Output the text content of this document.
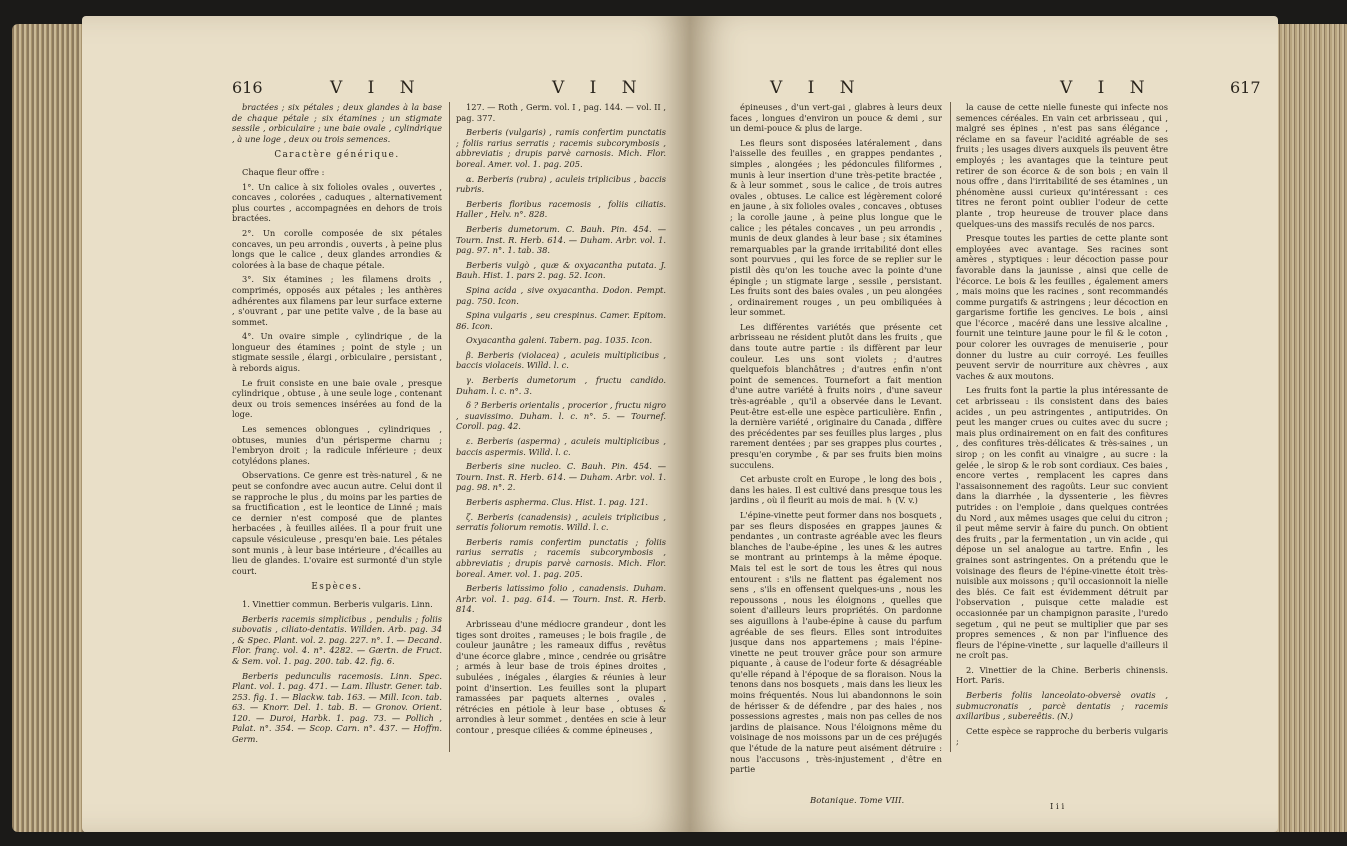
616	V I N	V I N

bractées ; six pétales ; deux glandes à la base de chaque pétale ; six étamines ; un stigmate sessile , orbiculaire ; une baie ovale , cylindrique , à une loge , deux ou trois semences.

Caractère générique.

Chaque fleur offre :

1°. Un calice à six folioles ovales , ouvertes , concaves , colorées , caduques , alternativement plus courtes , accompagnées en dehors de trois bractées.

2°. Un corolle composée de six pétales concaves, un peu arrondis , ouverts , à peine plus longs que le calice , deux glandes arrondies & colorées à la base de chaque pétale.

3°. Six étamines ; les filamens droits , comprimés, opposés aux pétales ; les anthères adhérentes aux filamens par leur surface externe , s'ouvrant , par une petite valve , de la base au sommet.

4°. Un ovaire simple , cylindrique , de la longueur des étamines ; point de style ; un stigmate sessile , élargi , orbiculaire , persistant , à rebords aigus.

Le fruit consiste en une baie ovale , presque cylindrique , obtuse , à une seule loge , contenant deux ou trois semences insérées au fond de la loge.

Les semences oblongues , cylindriques , obtuses, munies d'un périsperme charnu ; l'embryon droit ; la radicule inférieure ; deux cotylédons planes.

Observations. Ce genre est très-naturel , & ne peut se confondre avec aucun autre. Celui dont il se rapproche le plus , du moins par les parties de sa fructification , est le leontice de Linné ; mais ce dernier n'est composé que de plantes herbacées , à feuilles ailées. Il a pour fruit une capsule vésiculeuse , presqu'en baie. Les pétales sont munis , à leur base intérieure , d'écailles au lieu de glandes. L'ovaire est surmonté d'un style court.

Espèces.

1. Vinettier commun. Berberis vulgaris. Linn.

Berberis racemis simplicibus , pendulis ; foliis subovatis , ciliato-dentatis. Willden. Arb. pag. 34 , & Spec. Plant. vol. 2. pag. 227. n°. 1. — Decand. Flor. franç. vol. 4. n°. 4282. — Gærtn. de Fruct. & Sem. vol. 1. pag. 200. tab. 42. fig. 6.

Berberis pedunculis racemosis. Linn. Spec. Plant. vol. 1. pag. 471. — Lam. Illustr. Gener. tab. 253. fig. 1. — Blackw. tab. 163. — Mill. Icon. tab. 63. — Knorr. Del. 1. tab. B. — Gronov. Orient. 120. — Duroi, Harbk. 1. pag. 73. — Pollich , Palat. n°. 354. — Scop. Carn. n°. 437. — Hoffm. Germ.

127. — Roth , Germ. vol. I , pag. 144. — vol. II , pag. 377.

Berberis (vulgaris) , ramis confertim punctatis ; foliis rarius serratis ; racemis subcorymbosis , abbreviatis ; drupis parvè carnosis. Mich. Flor. boreal. Amer. vol. 1. pag. 205.

α. Berberis (rubra) , aculeis triplicibus , baccis rubris.

Berberis floribus racemosis , foliis ciliatis. Haller , Helv. n°. 828.

Berberis dumetorum. C. Bauh. Pin. 454. — Tourn. Inst. R. Herb. 614. — Duham. Arbr. vol. 1. pag. 97. n°. 1. tab. 38.

Berberis vulgò , quæ & oxyacantha putata. J. Bauh. Hist. 1. pars 2. pag. 52. Icon.

Spina acida , sive oxyacantha. Dodon. Pempt. pag. 750. Icon.

Spina vulgaris , seu crespinus. Camer. Epitom. 86. Icon.

Oxyacantha galeni. Tabern. pag. 1035. Icon.

β. Berberis (violacea) , aculeis multiplicibus , baccis violaceis. Willd. l. c.

γ. Berberis dumetorum , fructu candido. Duham. l. c. n°. 3.

δ ? Berberis orientalis , procerior , fructu nigro , suavissimo. Duham. l. c. n°. 5. — Tournef. Coroll. pag. 42.

ε. Berberis (asperma) , aculeis multiplicibus , baccis aspermis. Willd. l. c.

Berberis sine nucleo. C. Bauh. Pin. 454. — Tourn. Inst. R. Herb. 614. — Duham. Arbr. vol. 1. pag. 98. n°. 2.

Berberis aspherma. Clus. Hist. 1. pag. 121.

ζ. Berberis (canadensis) , aculeis triplicibus , serratis foliorum remotis. Willd. l. c.

Berberis ramis confertim punctatis ; foliis rarius serratis ; racemis subcorymbosis , abbreviatis ; drupis parvè carnosis. Mich. Flor. boreal. Amer. vol. 1. pag. 205.

Berberis latissimo folio , canadensis. Duham. Arbr. vol. 1. pag. 614. — Tourn. Inst. R. Herb. 814.

Arbrisseau d'une médiocre grandeur , dont les tiges sont droites , rameuses ; le bois fragile , de couleur jaunâtre ; les rameaux diffus , revêtus d'une écorce glabre , mince , cendrée ou grisâtre ; armés à leur base de trois épines droites , subulées , inégales , élargies & réunies à leur point d'insertion. Les feuilles sont la plupart ramassées par paquets alternes , ovales , rétrécies en pétiole à leur base , obtuses & arrondies à leur sommet , dentées en scie à leur contour , presque ciliées & comme épineuses ,

V I N	V I N	617

épineuses , d'un vert-gai , glabres à leurs deux faces , longues d'environ un pouce & demi , sur un demi-pouce & plus de large.

Les fleurs sont disposées latéralement , dans l'aisselle des feuilles , en grappes pendantes , simples , alongées ; les pédoncules filiformes , munis à leur insertion d'une très-petite bractée , & à leur sommet , sous le calice , de trois autres ovales , obtuses. Le calice est légèrement coloré en jaune , à six folioles ovales , concaves , obtuses ; la corolle jaune , à peine plus longue que le calice ; les pétales concaves , un peu arrondis , munis de deux glandes à leur base ; six étamines remarquables par la grande irritabilité dont elles sont pourvues , qui les force de se replier sur le pistil dès qu'on les touche avec la pointe d'une épingle ; un stigmate large , sessile , persistant. Les fruits sont des baies ovales , un peu alongées , ordinairement rouges , un peu ombiliquées à leur sommet.

Les différentes variétés que présente cet arbrisseau ne résident plutôt dans les fruits , que dans toute autre partie : ils diffèrent par leur couleur. Les uns sont violets ; d'autres quelquefois blanchâtres ; d'autres enfin n'ont point de semences. Tournefort a fait mention d'une autre variété à fruits noirs , d'une saveur très-agréable , qu'il a observée dans le Levant. Peut-être est-elle une espèce particulière. Enfin , la dernière variété , originaire du Canada , diffère des précédentes par ses feuilles plus larges , plus rarement dentées ; par ses grappes plus courtes , presqu'en corymbe , & par ses fruits bien moins succulens.

Cet arbuste croît en Europe , le long des bois , dans les haies. Il est cultivé dans presque tous les jardins , où il fleurit au mois de mai. ♄ (V. v.)

L'épine-vinette peut former dans nos bosquets , par ses fleurs disposées en grappes jaunes & pendantes , un contraste agréable avec les fleurs blanches de l'aube-épine , les unes & les autres se montrant au printemps à la même époque. Mais tel est le sort de tous les êtres qui nous entourent : s'ils ne flattent pas également nos sens , s'ils en offensent quelques-uns , nous les repoussons , nous les éloignons , quelles que soient d'ailleurs leurs propriétés. On pardonne ses aiguillons à l'aube-épine à cause du parfum agréable de ses fleurs. Elles sont introduites jusque dans nos appartemens ; mais l'épine-vinette ne peut trouver grâce pour son armure piquante , à cause de l'odeur forte & désagréable qu'elle répand à l'époque de sa floraison. Nous la tenons dans nos bosquets , mais dans les lieux les moins fréquentés. Nous lui abandonnons le soin de hérisser & de défendre , par des haies , nos possessions agrestes , mais non pas celles de nos jardins de plaisance. Nous l'éloignons même du voisinage de nos moissons par un de ces préjugés que l'étude de la nature peut aisément détruire : nous l'accusons , très-injustement , d'être en partie

la cause de cette nielle funeste qui infecte nos semences céréales. En vain cet arbrisseau , qui , malgré ses épines , n'est pas sans élégance , réclame en sa faveur l'acidité agréable de ses fruits ; les usages divers auxquels ils peuvent être employés ; les avantages que la teinture peut retirer de son écorce & de son bois ; en vain il nous offre , dans l'irritabilité de ses étamines , un phénomène aussi curieux qu'intéressant : ces titres ne feront point oublier l'odeur de cette plante , trop heureuse de trouver place dans quelques-uns des massifs reculés de nos parcs.

Presque toutes les parties de cette plante sont employées avec avantage. Ses racines sont amères , styptiques : leur décoction passe pour favorable dans la jaunisse , ainsi que celle de l'écorce. Le bois & les feuilles , également amers , mais moins que les racines , sont recommandés comme purgatifs & astringens ; leur décoction en gargarisme fortifie les gencives. Le bois , ainsi que l'écorce , macéré dans une lessive alcaline , fournit une teinture jaune pour le fil & le coton , pour colorer les ouvrages de menuiserie , pour donner du lustre au cuir corroyé. Les feuilles peuvent servir de nourriture aux chèvres , aux vaches & aux moutons.

Les fruits font la partie la plus intéressante de cet arbrisseau : ils consistent dans des baies acides , un peu astringentes , antiputrides. On peut les manger crues ou cuites avec du sucre ; mais plus ordinairement on en fait des confitures , des confitures très-délicates & très-saines , un sirop ; on les confit au vinaigre , au sucre : la gelée , le sirop & le rob sont cordiaux. Ces baies , encore vertes , remplacent les capres dans l'assaisonnement des ragoûts. Leur suc convient dans la diarrhée , la dyssenterie , les fièvres putrides : on l'emploie , dans quelques contrées du Nord , aux mêmes usages que celui du citron ; il peut même servir à faire du punch. On obtient des fruits , par la fermentation , un vin acide , qui dépose un sel analogue au tartre. Enfin , les graines sont astringentes. On a prétendu que le voisinage des fleurs de l'épine-vinette étoit très-nuisible aux moissons ; qu'il occasionnoit la nielle des blés. Ce fait est évidemment détruit par l'observation , puisque cette maladie est occasionnée par un champignon parasite , l'uredo segetum , qui ne peut se multiplier que par ses propres semences , & non par l'influence des fleurs de l'épine-vinette , sur laquelle d'ailleurs il ne croît pas.

2. Vinettier de la Chine. Berberis chinensis. Hort. Paris.

Berberis foliis lanceolato-obversè ovatis , submucronatis , parcè dentatis ; racemis axillaribus , subereêtis. (N.)

Cette espèce se rapproche du berberis vulgaris ;

Botanique. Tome VIII.
I i i
